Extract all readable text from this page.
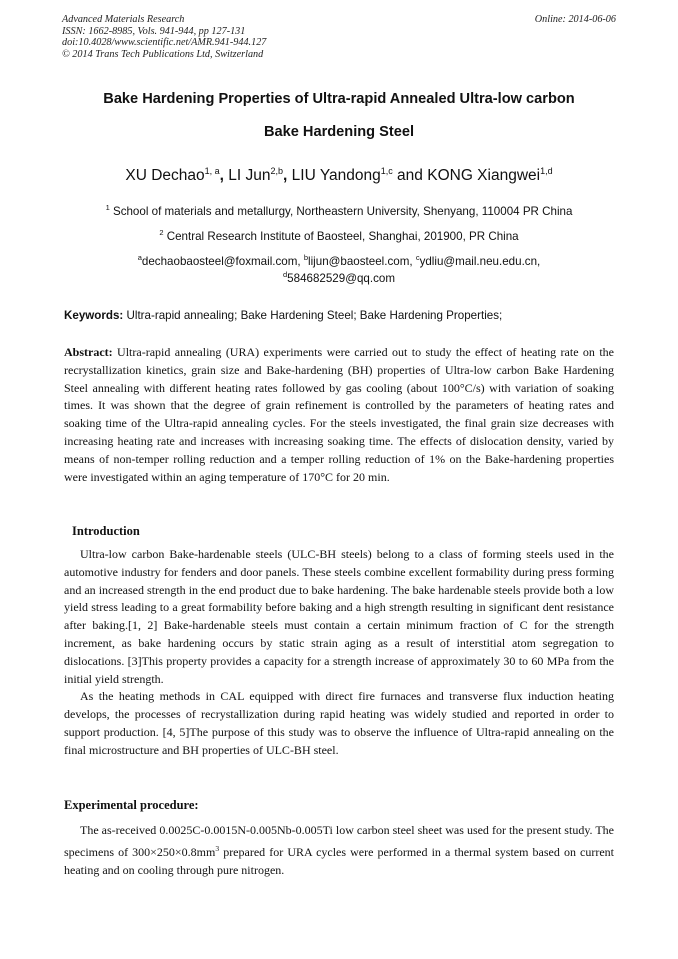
Advanced Materials Research
ISSN: 1662-8985, Vols. 941-944, pp 127-131
doi:10.4028/www.scientific.net/AMR.941-944.127
© 2014 Trans Tech Publications Ltd, Switzerland
Online: 2014-06-06
Bake Hardening Properties of Ultra-rapid Annealed Ultra-low carbon
Bake Hardening Steel
XU Dechao$^{1, a}$, LI Jun$^{2,b}$, LIU Yandong$^{1,c}$ and KONG Xiangwei$^{1,d}$
$^1$ School of materials and metallurgy, Northeastern University, Shenyang, 110004 PR China
$^2$ Central Research Institute of Baosteel, Shanghai, 201900, PR China
$^a$dechaobaosteel@foxmail.com, $^b$lijun@baosteel.com, $^c$ydliu@mail.neu.edu.cn,
$^d$584682529@qq.com
Keywords: Ultra-rapid annealing; Bake Hardening Steel; Bake Hardening Properties;

Abstract: Ultra-rapid annealing (URA) experiments were carried out to study the effect of heating rate on the recrystallization kinetics, grain size and Bake-hardening (BH) properties of Ultra-low carbon Bake Hardening Steel annealing with different heating rates followed by gas cooling (about 100°C/s) with variation of soaking times. It was shown that the degree of grain refinement is controlled by the parameters of heating rates and soaking time of the Ultra-rapid annealing cycles. For the steels investigated, the final grain size decreases with increasing heating rate and increases with increasing soaking time. The effects of dislocation density, varied by means of non-temper rolling reduction and a temper rolling reduction of 1% on the Bake-hardening properties were investigated within an aging temperature of 170°C for 20 min.

Introduction

Ultra-low carbon Bake-hardenable steels (ULC-BH steels) belong to a class of forming steels used in the automotive industry for fenders and door panels. These steels combine excellent formability during press forming and an increased strength in the end product due to bake hardening. The bake hardenable steels provide both a low yield stress leading to a great formability before baking and a high strength resulting in significant dent resistance after baking.[1, 2] Bake-hardenable steels must contain a certain minimum fraction of C for the strength increment, as bake hardening occurs by static strain aging as a result of interstitial atom segregation to dislocations. [3]This property provides a capacity for a strength increase of approximately 30 to 60 MPa from the initial yield strength.

As the heating methods in CAL equipped with direct fire furnaces and transverse flux induction heating develops, the processes of recrystallization during rapid heating was widely studied and reported in order to support production. [4, 5]The purpose of this study was to observe the influence of Ultra-rapid annealing on the final microstructure and BH properties of ULC-BH steel.

Experimental procedure:

The as-received 0.0025C-0.0015N-0.005Nb-0.005Ti low carbon steel sheet was used for the present study. The specimens of $300\times 250\times 0.8mm^3$ prepared for URA cycles were performed in a thermal system based on current heating and on cooling through pure nitrogen.
